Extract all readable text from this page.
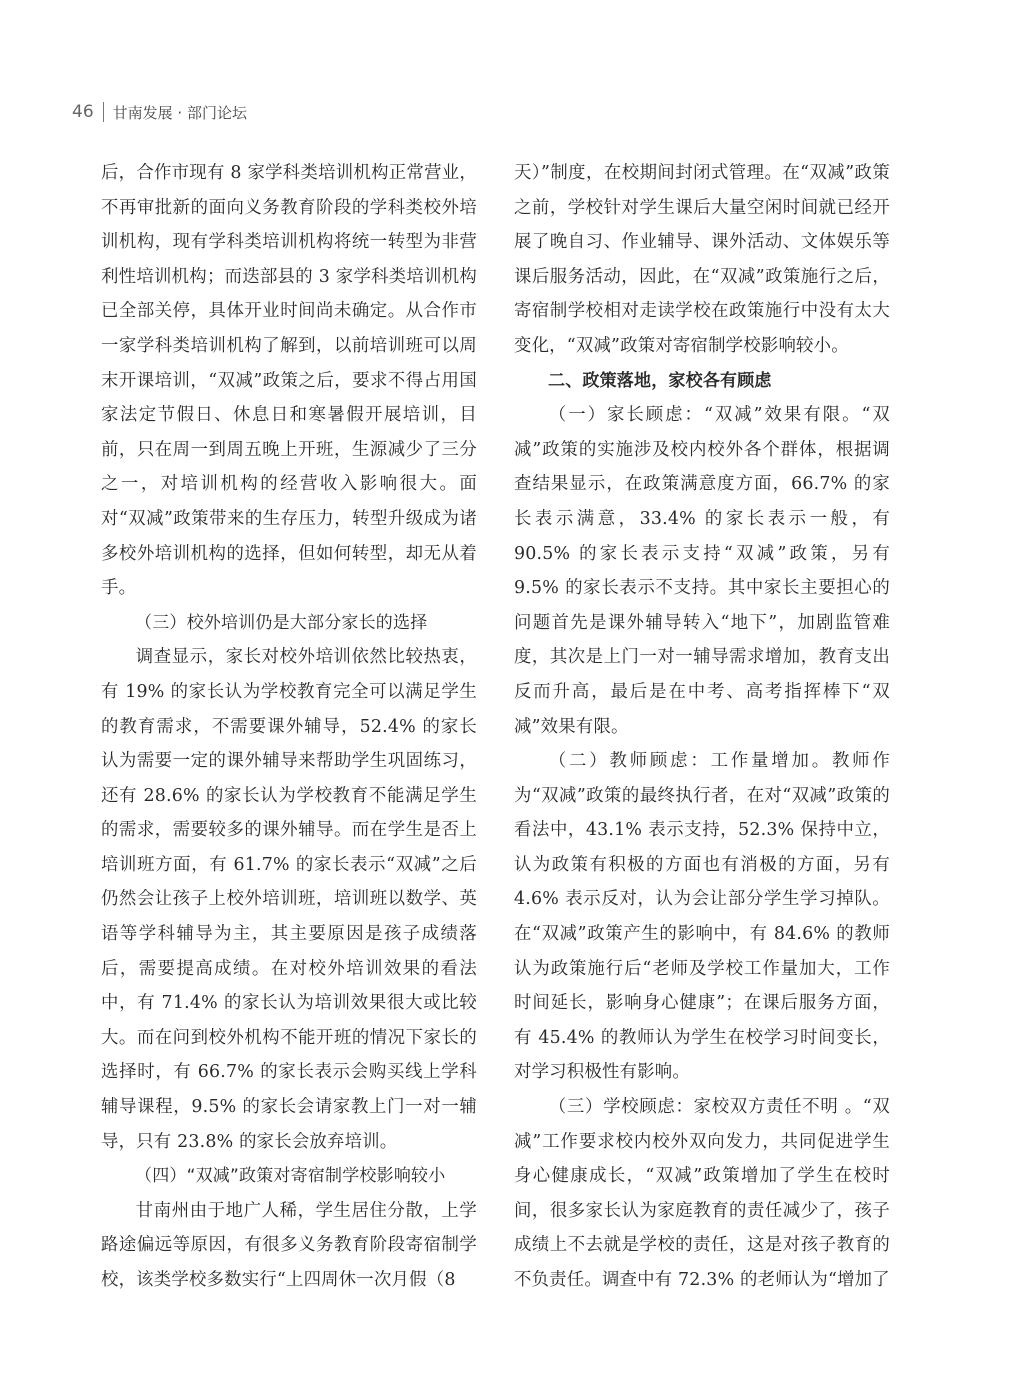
46 甘南发展 · 部门论坛

后，合作市现有 8 家学科类培训机构正常营业，不再审批新的面向义务教育阶段的学科类校外培训机构，现有学科类培训机构将统一转型为非营利性培训机构；而迭部县的 3 家学科类培训机构已全部关停，具体开业时间尚未确定。从合作市一家学科类培训机构了解到，以前培训班可以周末开课培训，“双减”政策之后，要求不得占用国家法定节假日、休息日和寒暑假开展培训，目前，只在周一到周五晚上开班，生源减少了三分之一，对培训机构的经营收入影响很大。面对“双减”政策带来的生存压力，转型升级成为诸多校外培训机构的选择，但如何转型，却无从着手。

（三）校外培训仍是大部分家长的选择

调查显示，家长对校外培训依然比较热衷，有 19% 的家长认为学校教育完全可以满足学生的教育需求，不需要课外辅导，52.4% 的家长认为需要一定的课外辅导来帮助学生巩固练习，还有 28.6% 的家长认为学校教育不能满足学生的需求，需要较多的课外辅导。而在学生是否上培训班方面，有 61.7% 的家长表示“双减”之后仍然会让孩子上校外培训班，培训班以数学、英语等学科辅导为主，其主要原因是孩子成绩落后，需要提高成绩。在对校外培训效果的看法中，有 71.4% 的家长认为培训效果很大或比较大。而在问到校外机构不能开班的情况下家长的选择时，有 66.7% 的家长表示会购买线上学科辅导课程，9.5% 的家长会请家教上门一对一辅导，只有 23.8% 的家长会放弃培训。

（四）“双减”政策对寄宿制学校影响较小

甘南州由于地广人稀，学生居住分散，上学路途偏远等原因，有很多义务教育阶段寄宿制学校，该类学校多数实行“上四周休一次月假（8

天）”制度，在校期间封闭式管理。在“双减”政策之前，学校针对学生课后大量空闲时间就已经开展了晚自习、作业辅导、课外活动、文体娱乐等课后服务活动，因此，在“双减”政策施行之后，寄宿制学校相对走读学校在政策施行中没有太大变化，“双减”政策对寄宿制学校影响较小。

二、政策落地，家校各有顾虑

（一）家长顾虑：“双减”效果有限。“双减”政策的实施涉及校内校外各个群体，根据调查结果显示，在政策满意度方面，66.7% 的家长表示满意，33.4% 的家长表示一般，有 90.5% 的家长表示支持“双减”政策，另有 9.5% 的家长表示不支持。其中家长主要担心的问题首先是课外辅导转入“地下”，加剧监管难度，其次是上门一对一辅导需求增加，教育支出反而升高，最后是在中考、高考指挥棒下“双减”效果有限。

（二）教师顾虑：工作量增加。教师作为“双减”政策的最终执行者，在对“双减”政策的看法中，43.1% 表示支持，52.3% 保持中立，认为政策有积极的方面也有消极的方面，另有 4.6% 表示反对，认为会让部分学生学习掉队。在“双减”政策产生的影响中，有 84.6% 的教师认为政策施行后“老师及学校工作量加大，工作时间延长，影响身心健康”；在课后服务方面，有 45.4% 的教师认为学生在校学习时间变长，对学习积极性有影响。

（三）学校顾虑：家校双方责任不明 。“双减”工作要求校内校外双向发力，共同促进学生身心健康成长，“双减”政策增加了学生在校时间，很多家长认为家庭教育的责任减少了，孩子成绩上不去就是学校的责任，这是对孩子教育的不负责任。调查中有 72.3% 的老师认为“增加了
